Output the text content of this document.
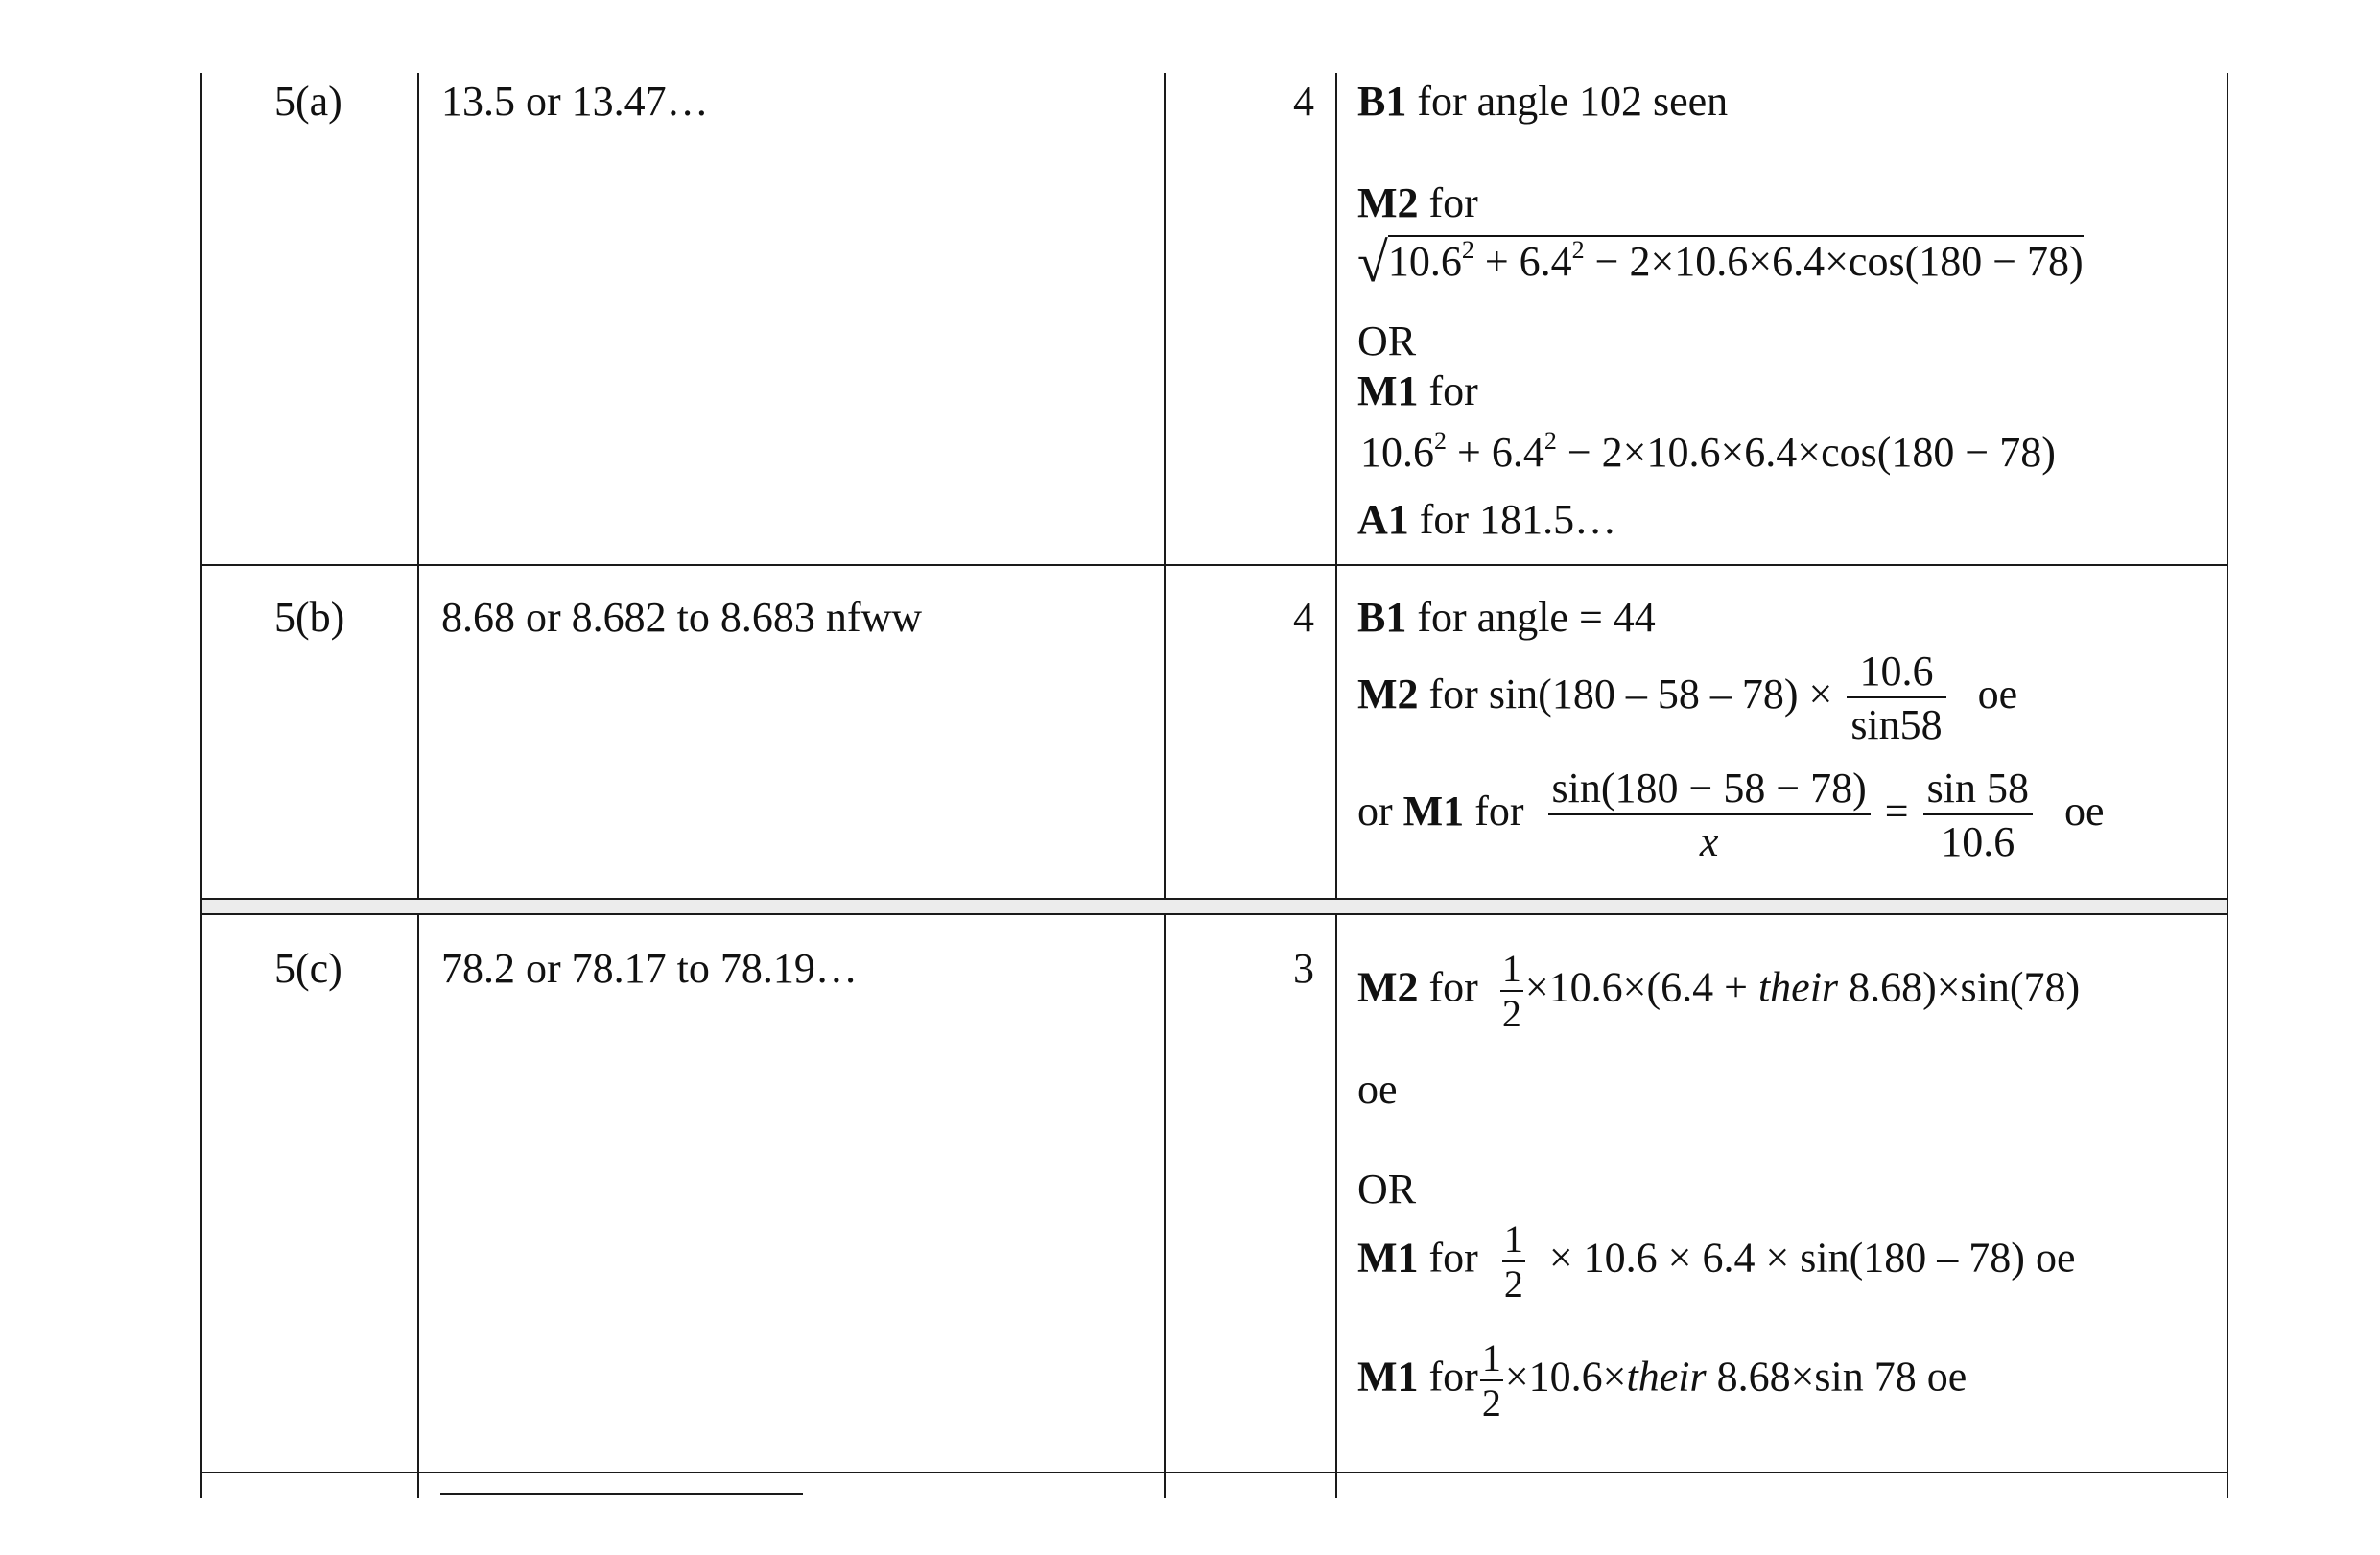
5(a) 13.5 or 13.47…	4 B1 for angle 102 seen
M2 for
$√10.6^2 + 6.4^2 - 2\times 10.6\times 6.4\times\cos(180 - 78)$
OR
M1 for
$10.6^2 + 6.4^2 - 2\times 10.6\times 6.4\times\cos(180 - 78)$
A1 for 181.5…
5(b) 8.68 or 8.682 to 8.683 nfww	4 B1 for angle = 44
M2 for $\sin(180 - 58 - 78) \times \frac{10.6}{\sin 58}$ oe
or M1 for $\frac{\sin(180 - 58 - 78)}{x} = \frac{\sin 58}{10.6}$ oe
5(c) 78.2 or 78.17 to 78.19…	3 M2 for $\frac{1}{2} \times 10.6\times(6.4$ + their 8.68)×sin(78)
oe
OR
M1 for $\frac{1}{2} \times 10.6 \times 6.4 \times \sin(180 - 78)$ oe
M1 for $\frac{1}{2}$ ×10.6×their 8.68×sin 78 oe
